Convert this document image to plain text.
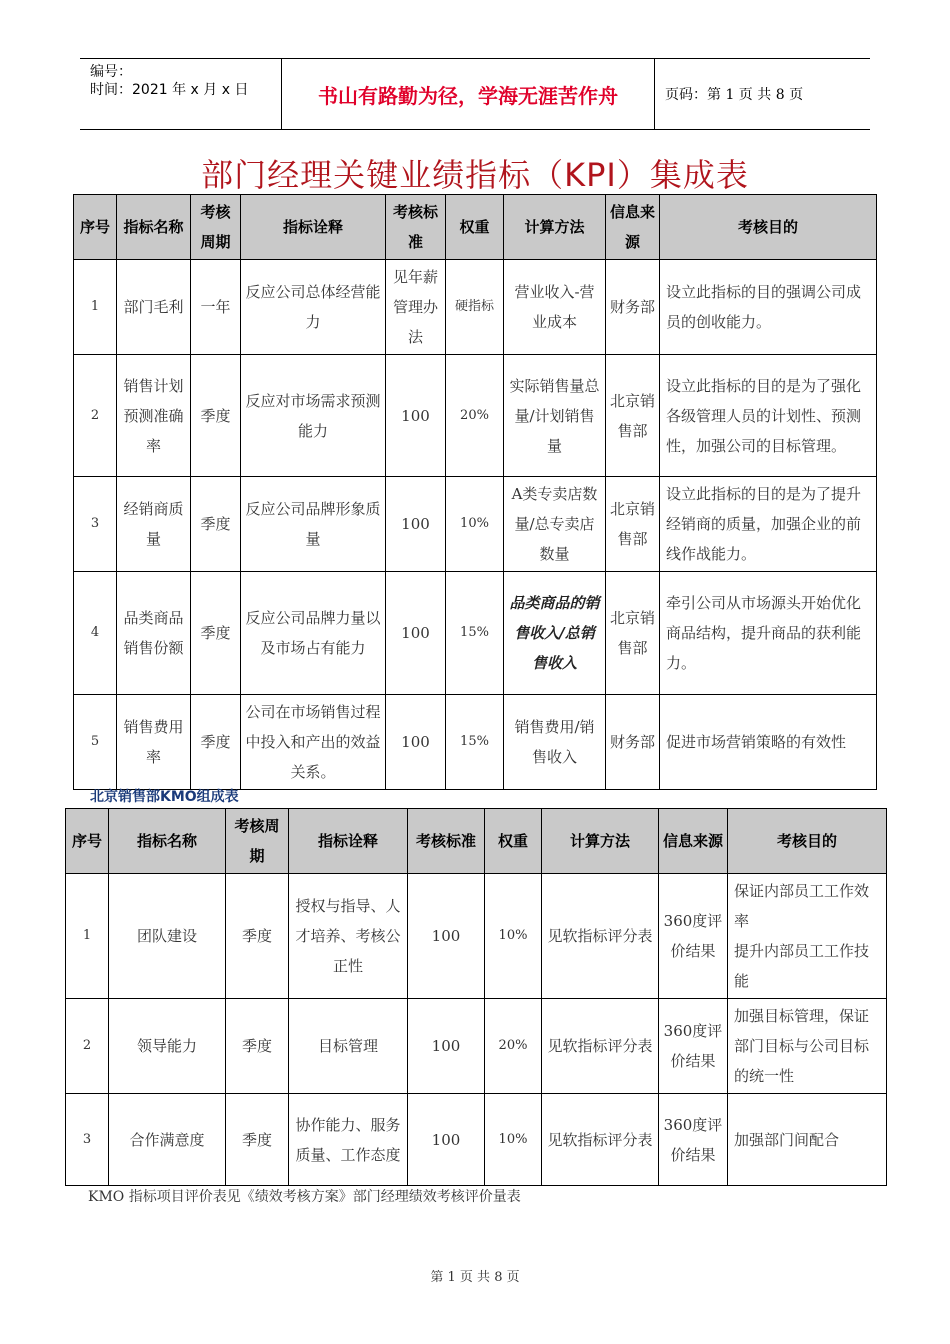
编号：
时间：2021 年 x 月 x 日	书山有路勤为径，学海无涯苦作舟	页码：第 1 页 共 8 页
部门经理关键业绩指标（KPI）集成表
序号	指标名称	考核周期	指标诠释	考核标准	权重	计算方法	信息来源	考核目的
1	部门毛利	一年	反应公司总体经营能力	见年薪管理办法	硬指标	营业收入-营业成本	财务部	设立此指标的目的强调公司成员的创收能力。
2	销售计划预测准确率	季度	反应对市场需求预测能力	100	20%	实际销售量总量/计划销售量	北京销售部	设立此指标的目的是为了强化各级管理人员的计划性、预测性，加强公司的目标管理。
3	经销商质量	季度	反应公司品牌形象质量	100	10%	A类专卖店数量/总专卖店数量	北京销售部	设立此指标的目的是为了提升经销商的质量，加强企业的前线作战能力。
4	品类商品销售份额	季度	反应公司品牌力量以及市场占有能力	100	15%	品类商品的销售收入/总销售收入	北京销售部	牵引公司从市场源头开始优化商品结构，提升商品的获利能力。
5	销售费用率	季度	公司在市场销售过程中投入和产出的效益关系。	100	15%	销售费用/销售收入	财务部	促进市场营销策略的有效性
北京销售部KMO组成表
序号	指标名称	考核周期	指标诠释	考核标准	权重	计算方法	信息来源	考核目的
1	团队建设	季度	授权与指导、人才培养、考核公正性	100	10%	见软指标评分表	360度评价结果	保证内部员工工作效率
提升内部员工工作技能
2	领导能力	季度	目标管理	100	20%	见软指标评分表	360度评价结果	加强目标管理，保证部门目标与公司目标的统一性
3	合作满意度	季度	协作能力、服务质量、工作态度	100	10%	见软指标评分表	360度评价结果	加强部门间配合
KMO 指标项目评价表见《绩效考核方案》部门经理绩效考核评价量表
第 1 页 共 8 页
